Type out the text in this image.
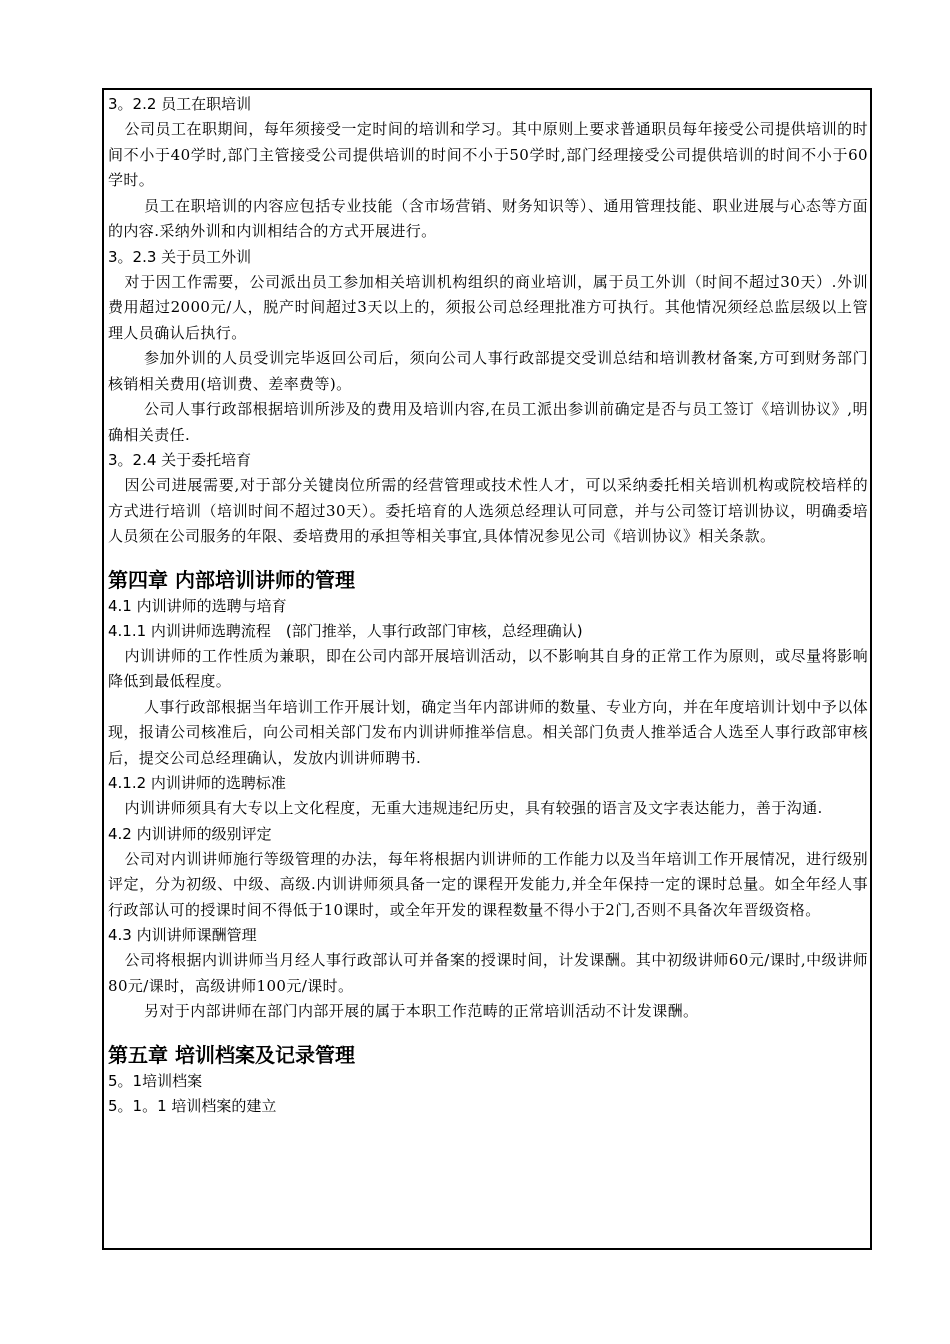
3。2.2 员工在职培训

公司员工在职期间，每年须接受一定时间的培训和学习。其中原则上要求普通职员每年接受公司提供培训的时间不小于40学时,部门主管接受公司提供培训的时间不小于50学时,部门经理接受公司提供培训的时间不小于60学时。

员工在职培训的内容应包括专业技能（含市场营销、财务知识等）、通用管理技能、职业进展与心态等方面的内容.采纳外训和内训相结合的方式开展进行。

3。2.3 关于员工外训

对于因工作需要，公司派出员工参加相关培训机构组织的商业培训，属于员工外训（时间不超过30天）.外训费用超过2000元/人，脱产时间超过3天以上的，须报公司总经理批准方可执行。其他情况须经总监层级以上管理人员确认后执行。

参加外训的人员受训完毕返回公司后，须向公司人事行政部提交受训总结和培训教材备案,方可到财务部门核销相关费用(培训费、差率费等)。

公司人事行政部根据培训所涉及的费用及培训内容,在员工派出参训前确定是否与员工签订《培训协议》,明确相关责任.

3。2.4 关于委托培育

因公司进展需要,对于部分关键岗位所需的经营管理或技术性人才，可以采纳委托相关培训机构或院校培样的方式进行培训（培训时间不超过30天）。委托培育的人选须总经理认可同意，并与公司签订培训协议，明确委培人员须在公司服务的年限、委培费用的承担等相关事宜,具体情况参见公司《培训协议》相关条款。

第四章 内部培训讲师的管理
4.1 内训讲师的选聘与培育
4.1.1 内训讲师选聘流程　(部门推举，人事行政部门审核，总经理确认)

内训讲师的工作性质为兼职，即在公司内部开展培训活动，以不影响其自身的正常工作为原则，或尽量将影响降低到最低程度。

人事行政部根据当年培训工作开展计划，确定当年内部讲师的数量、专业方向，并在年度培训计划中予以体现，报请公司核准后，向公司相关部门发布内训讲师推举信息。相关部门负责人推举适合人选至人事行政部审核后，提交公司总经理确认，发放内训讲师聘书.

4.1.2 内训讲师的选聘标准

内训讲师须具有大专以上文化程度，无重大违规违纪历史，具有较强的语言及文字表达能力，善于沟通.

4.2 内训讲师的级别评定

公司对内训讲师施行等级管理的办法，每年将根据内训讲师的工作能力以及当年培训工作开展情况，进行级别评定，分为初级、中级、高级.内训讲师须具备一定的课程开发能力,并全年保持一定的课时总量。如全年经人事行政部认可的授课时间不得低于10课时，或全年开发的课程数量不得小于2门,否则不具备次年晋级资格。

4.3 内训讲师课酬管理

公司将根据内训讲师当月经人事行政部认可并备案的授课时间，计发课酬。其中初级讲师60元/课时,中级讲师80元/课时，高级讲师100元/课时。

另对于内部讲师在部门内部开展的属于本职工作范畴的正常培训活动不计发课酬。

第五章 培训档案及记录管理
5。1培训档案
5。1。1 培训档案的建立
